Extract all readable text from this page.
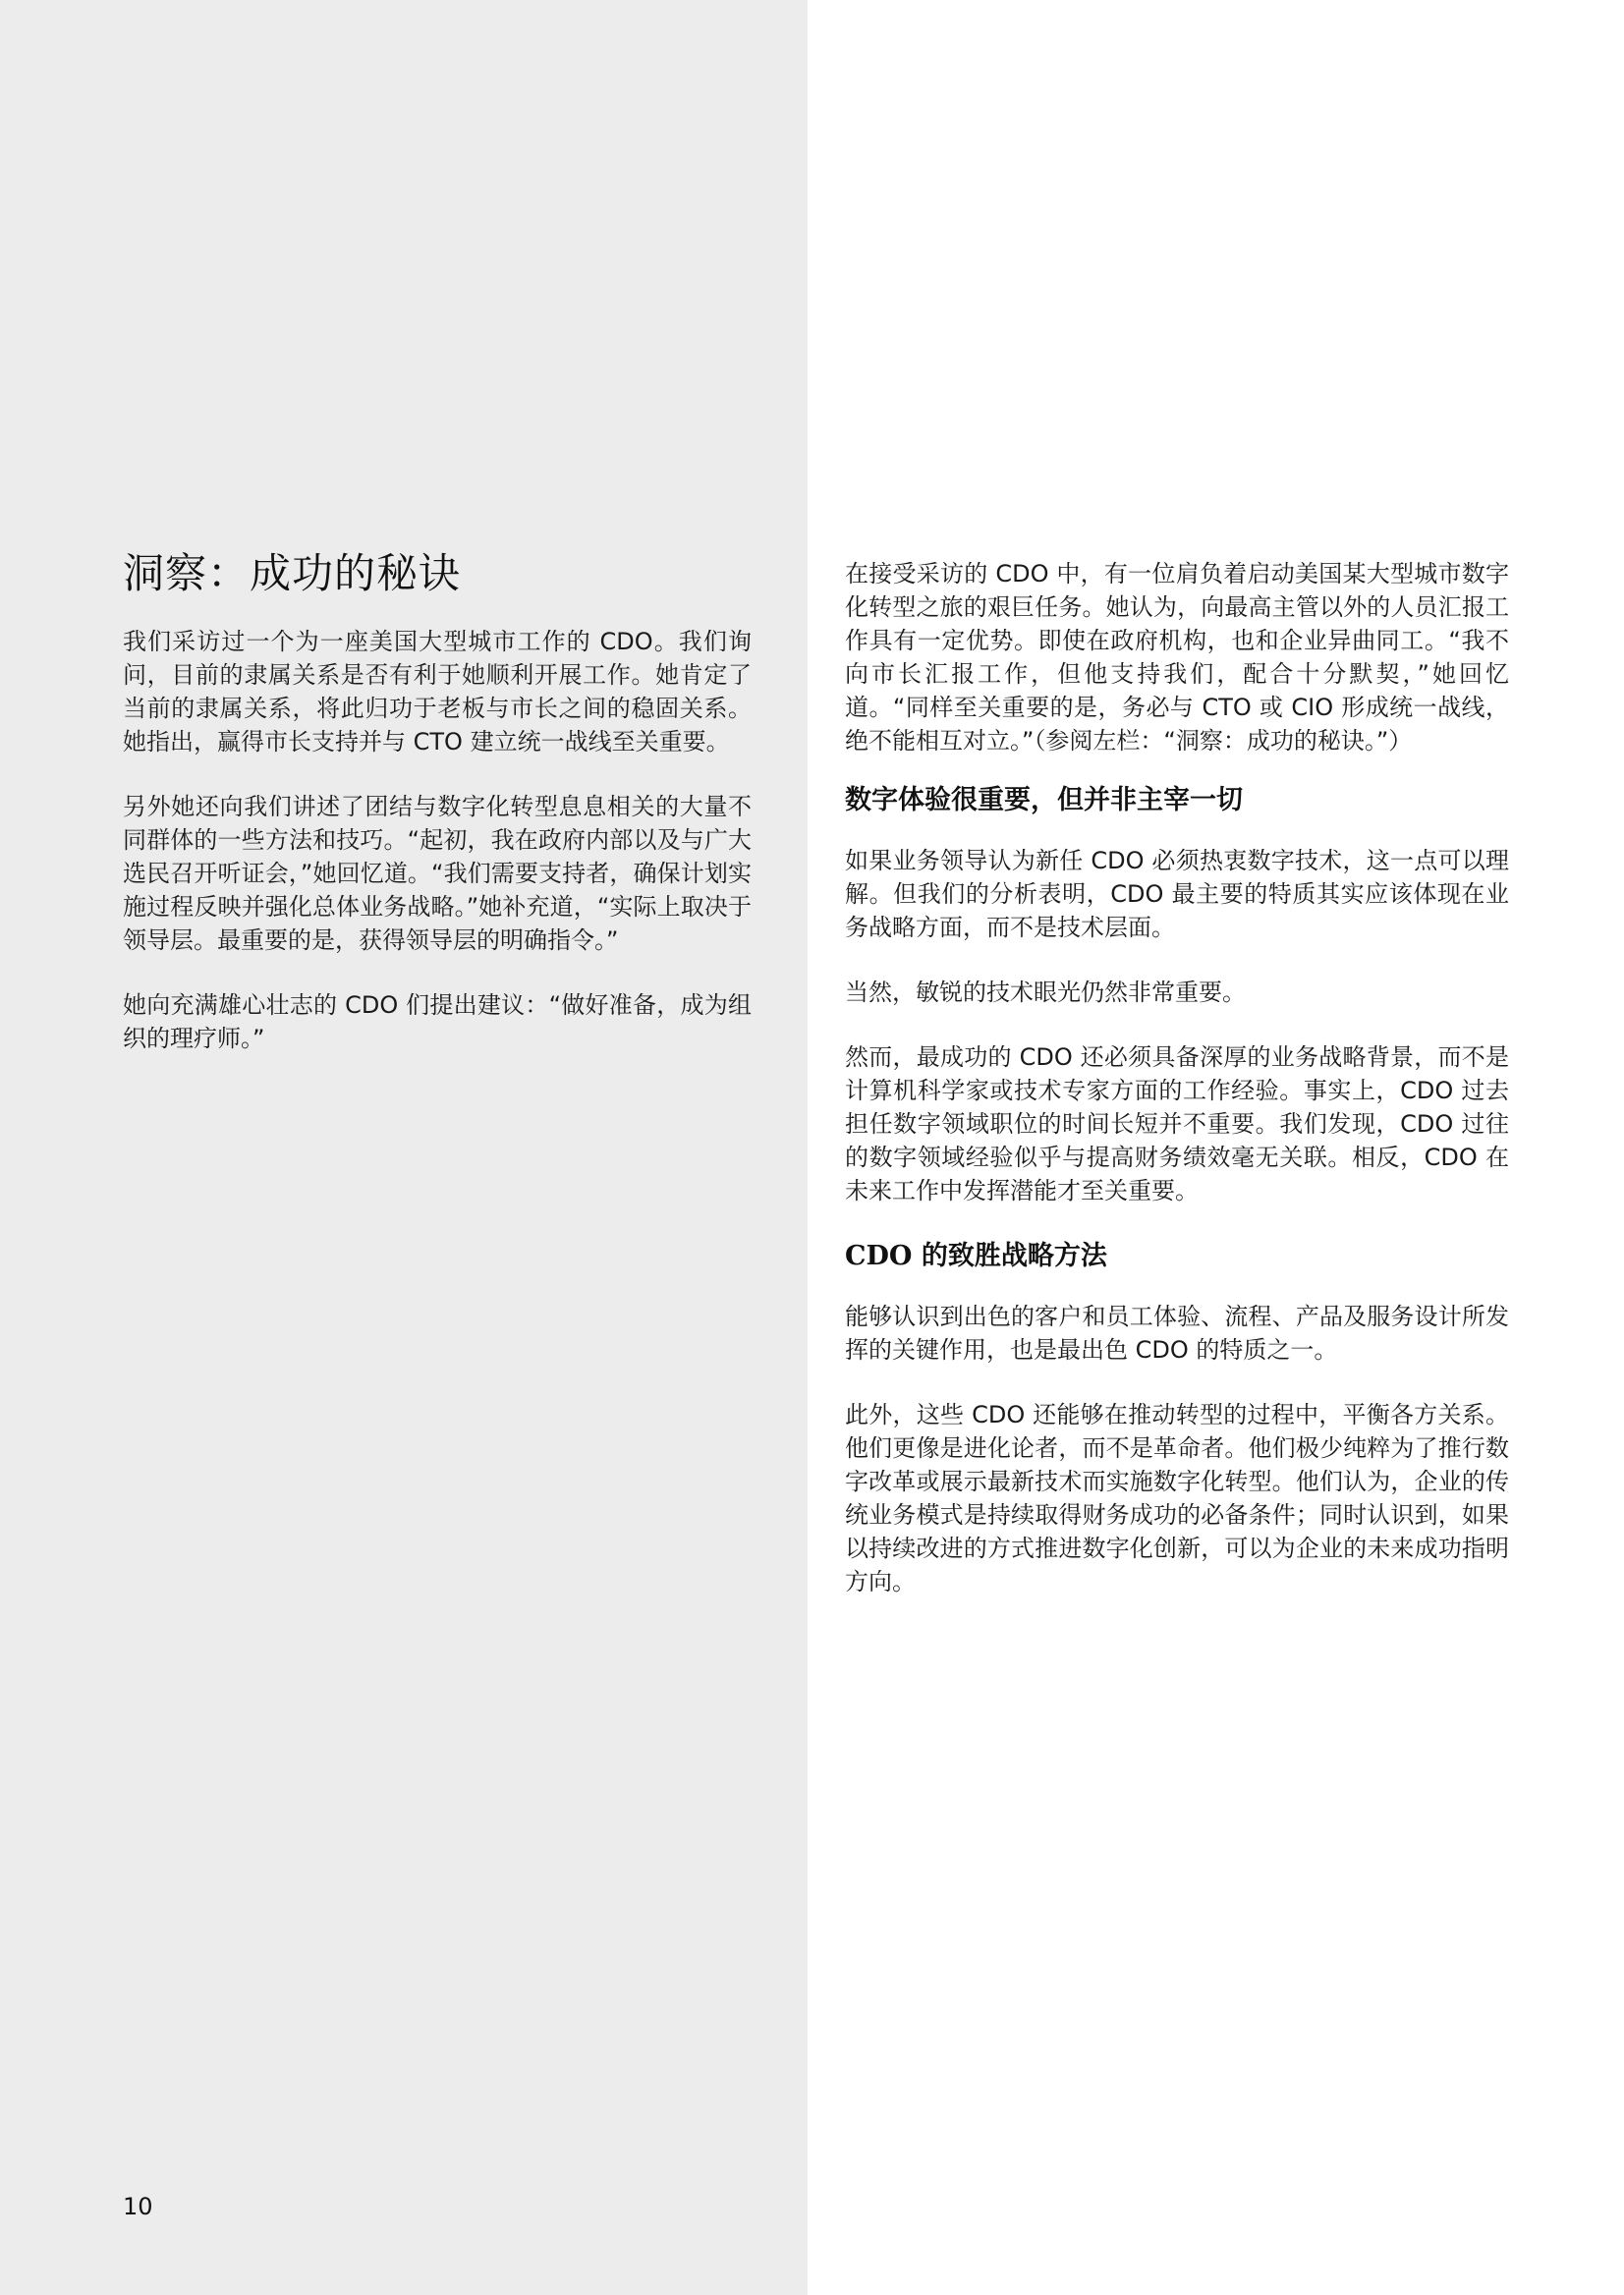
洞察：成功的秘诀

我们采访过一个为一座美国大型城市工作的 CDO。我们询问，目前的隶属关系是否有利于她顺利开展工作。她肯定了当前的隶属关系，将此归功于老板与市长之间的稳固关系。她指出，赢得市长支持并与 CTO 建立统一战线至关重要。

另外她还向我们讲述了团结与数字化转型息息相关的大量不同群体的一些方法和技巧。“起初，我在政府内部以及与广大选民召开听证会，”她回忆道。“我们需要支持者，确保计划实施过程反映并强化总体业务战略。”她补充道，“实际上取决于领导层。最重要的是，获得领导层的明确指令。”

她向充满雄心壮志的 CDO 们提出建议：“做好准备，成为组织的理疗师。”

在接受采访的 CDO 中，有一位肩负着启动美国某大型城市数字化转型之旅的艰巨任务。她认为，向最高主管以外的人员汇报工作具有一定优势。即使在政府机构，也和企业异曲同工。“我不向市长汇报工作，但他支持我们，配合十分默契，”她回忆道。“同样至关重要的是，务必与 CTO 或 CIO 形成统一战线，绝不能相互对立。”（参阅左栏：“洞察：成功的秘诀。”）

数字体验很重要，但并非主宰一切

如果业务领导认为新任 CDO 必须热衷数字技术，这一点可以理解。但我们的分析表明，CDO 最主要的特质其实应该体现在业务战略方面，而不是技术层面。

当然，敏锐的技术眼光仍然非常重要。

然而，最成功的 CDO 还必须具备深厚的业务战略背景，而不是计算机科学家或技术专家方面的工作经验。事实上，CDO 过去担任数字领域职位的时间长短并不重要。我们发现，CDO 过往的数字领域经验似乎与提高财务绩效毫无关联。相反，CDO 在未来工作中发挥潜能才至关重要。

CDO 的致胜战略方法

能够认识到出色的客户和员工体验、流程、产品及服务设计所发挥的关键作用，也是最出色 CDO 的特质之一。

此外，这些 CDO 还能够在推动转型的过程中，平衡各方关系。他们更像是进化论者，而不是革命者。他们极少纯粹为了推行数字改革或展示最新技术而实施数字化转型。他们认为，企业的传统业务模式是持续取得财务成功的必备条件；同时认识到，如果以持续改进的方式推进数字化创新，可以为企业的未来成功指明方向。

10
